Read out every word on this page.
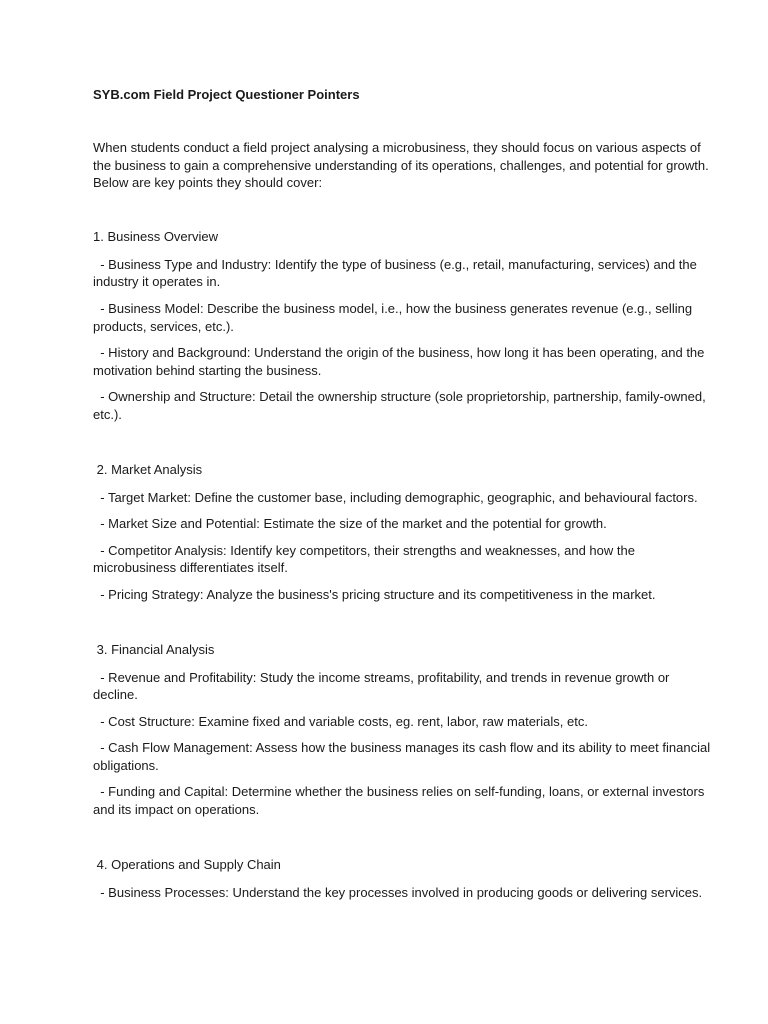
SYB.com Field Project Questioner Pointers

When students conduct a field project analysing a microbusiness, they should focus on various aspects of the business to gain a comprehensive understanding of its operations, challenges, and potential for growth. Below are key points they should cover:

1. Business Overview

- Business Type and Industry: Identify the type of business (e.g., retail, manufacturing, services) and the industry it operates in.

- Business Model: Describe the business model, i.e., how the business generates revenue (e.g., selling products, services, etc.).

- History and Background: Understand the origin of the business, how long it has been operating, and the motivation behind starting the business.

- Ownership and Structure: Detail the ownership structure (sole proprietorship, partnership, family-owned, etc.).

2. Market Analysis

- Target Market: Define the customer base, including demographic, geographic, and behavioural factors.

- Market Size and Potential: Estimate the size of the market and the potential for growth.

- Competitor Analysis: Identify key competitors, their strengths and weaknesses, and how the microbusiness differentiates itself.

- Pricing Strategy: Analyze the business's pricing structure and its competitiveness in the market.

3. Financial Analysis

- Revenue and Profitability: Study the income streams, profitability, and trends in revenue growth or decline.

- Cost Structure: Examine fixed and variable costs, eg. rent, labor, raw materials, etc.

- Cash Flow Management: Assess how the business manages its cash flow and its ability to meet financial obligations.

- Funding and Capital: Determine whether the business relies on self-funding, loans, or external investors and its impact on operations.

4. Operations and Supply Chain

- Business Processes: Understand the key processes involved in producing goods or delivering services.
